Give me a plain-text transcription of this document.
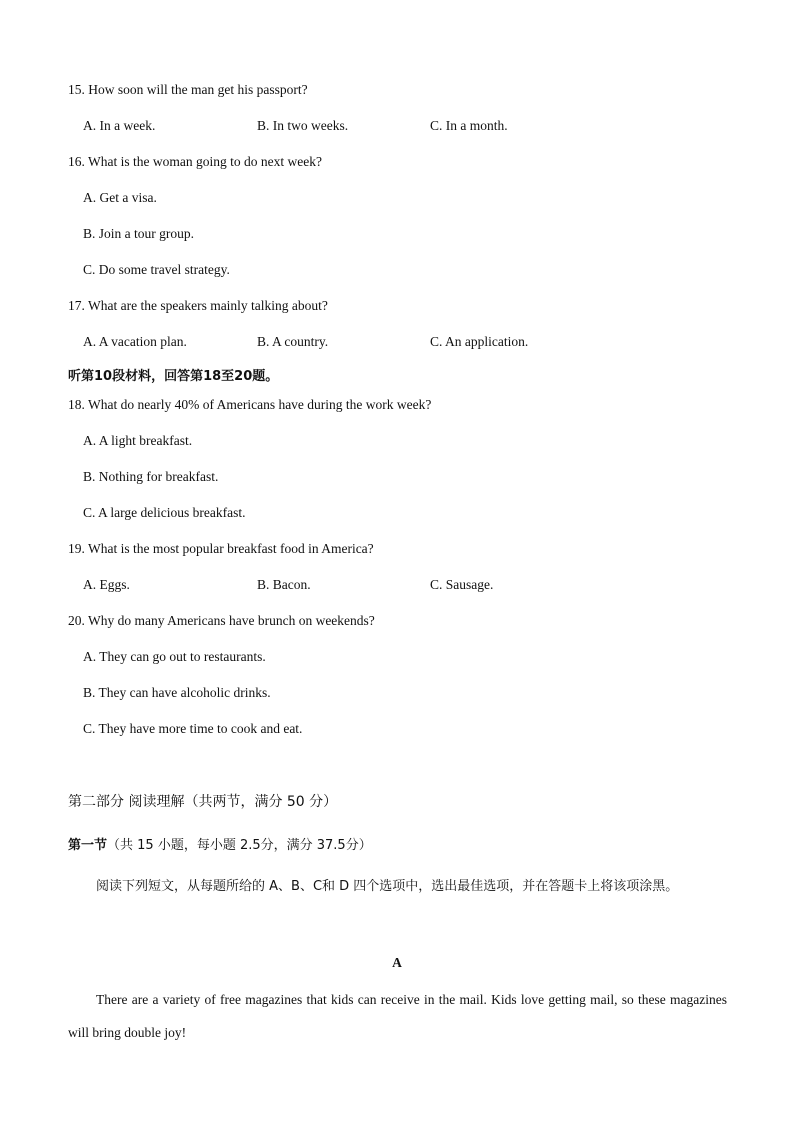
15. How soon will the man get his passport?
A. In a week.	B. In two weeks.	C. In a month.
16. What is the woman going to do next week?
A. Get a visa.
B. Join a tour group.
C. Do some travel strategy.
17. What are the speakers mainly talking about?
A. A vacation plan.	B. A country.	C. An application.
听第10段材料，回答第18至20题。
18. What do nearly 40% of Americans have during the work week?
A. A light breakfast.
B. Nothing for breakfast.
C. A large delicious breakfast.
19. What is the most popular breakfast food in America?
A. Eggs.	B. Bacon.	C. Sausage.
20. Why do many Americans have brunch on weekends?
A. They can go out to restaurants.
B. They can have alcoholic drinks.
C. They have more time to cook and eat.
第二部分 阅读理解（共两节，满分 50 分）
第一节（共 15 小题，每小题 2.5分，满分 37.5分）
阅读下列短文，从每题所给的 A、B、C和 D 四个选项中，选出最佳选项，并在答题卡上将该项涂黑。
A
There are a variety of free magazines that kids can receive in the mail. Kids love getting mail, so these magazines will bring double joy!
